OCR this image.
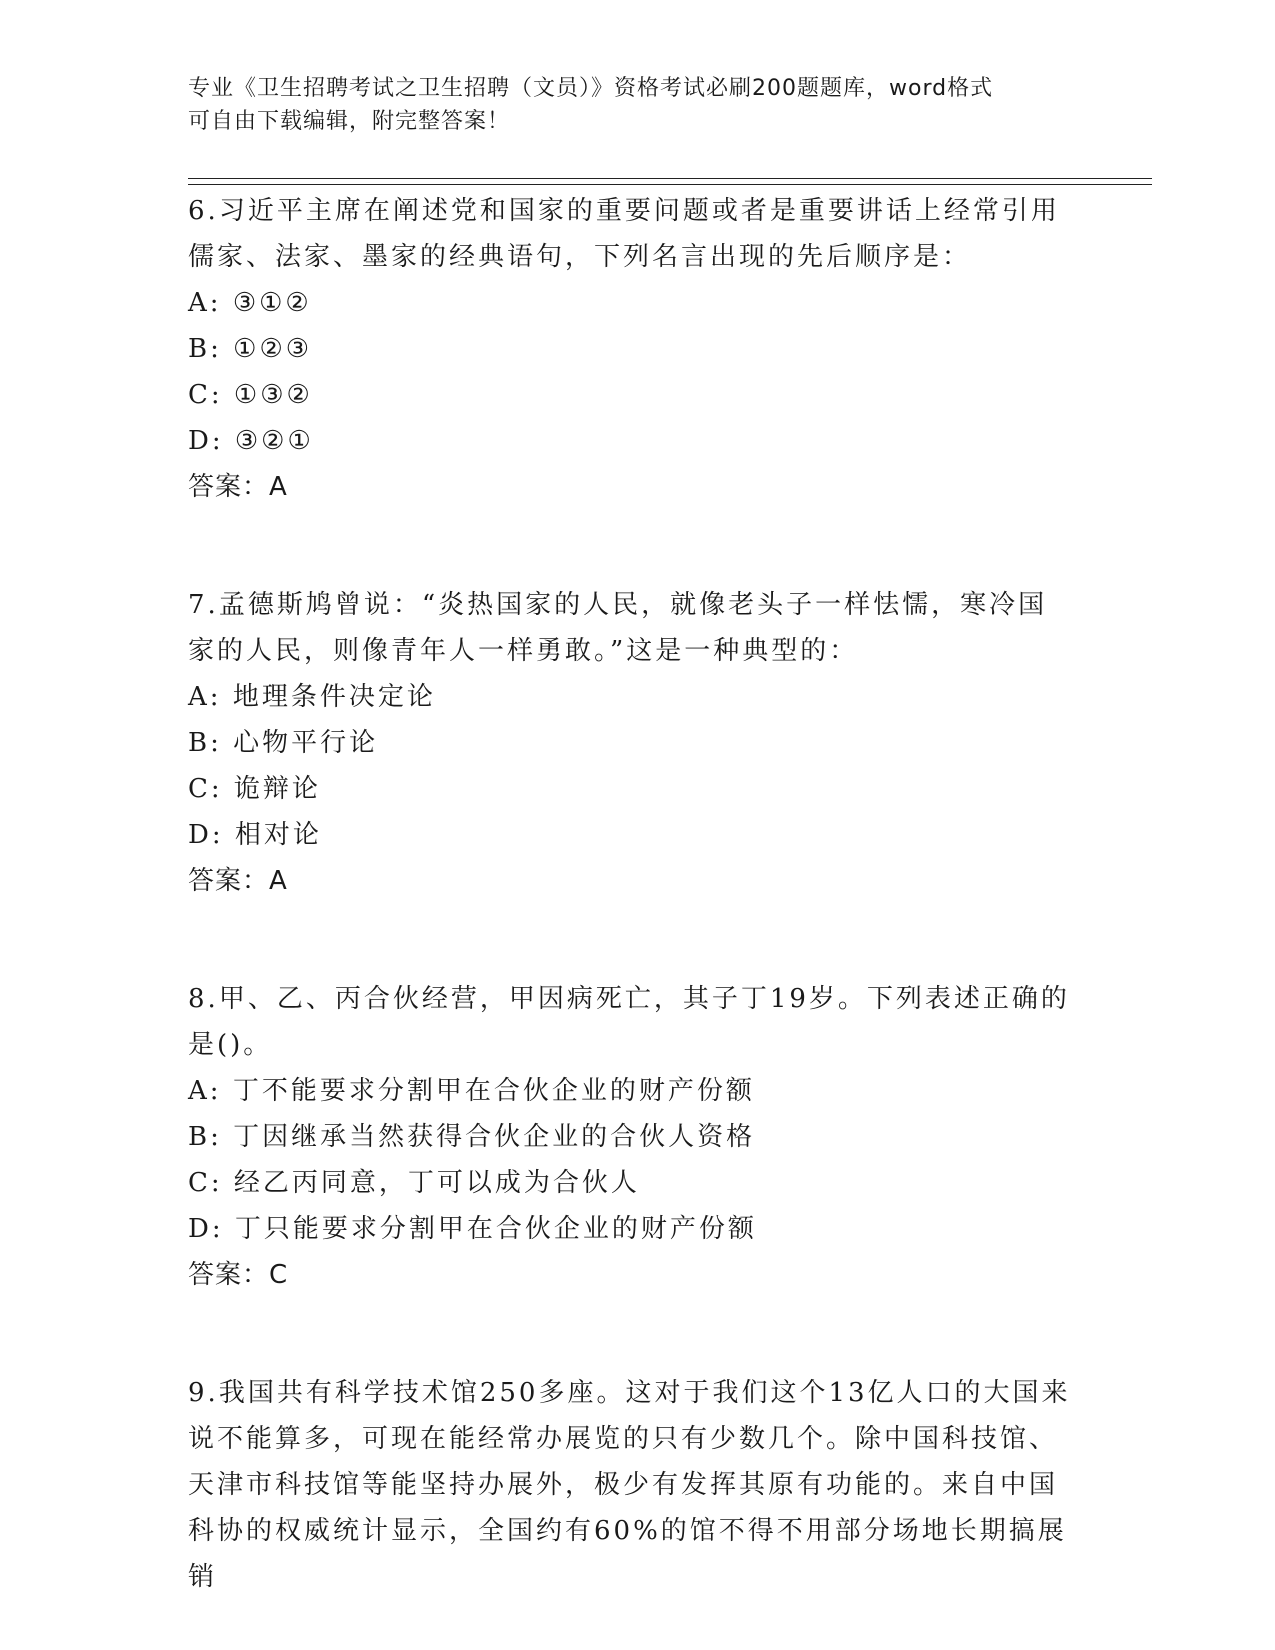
专业《卫生招聘考试之卫生招聘（文员）》资格考试必刷200题题库，word格式
可自由下载编辑，附完整答案！

6.习近平主席在阐述党和国家的重要问题或者是重要讲话上经常引用

儒家、法家、墨家的经典语句，下列名言出现的先后顺序是：

A: ③①②

B: ①②③

C: ①③②

D: ③②①

答案：A

7.孟德斯鸠曾说：“炎热国家的人民，就像老头子一样怯懦，寒冷国

家的人民，则像青年人一样勇敢。”这是一种典型的：

A: 地理条件决定论

B: 心物平行论

C: 诡辩论

D: 相对论

答案：A

8.甲、乙、丙合伙经营，甲因病死亡，其子丁19岁。下列表述正确的

是()。

A: 丁不能要求分割甲在合伙企业的财产份额

B: 丁因继承当然获得合伙企业的合伙人资格

C: 经乙丙同意，丁可以成为合伙人

D: 丁只能要求分割甲在合伙企业的财产份额

答案：C

9.我国共有科学技术馆250多座。这对于我们这个13亿人口的大国来

说不能算多，可现在能经常办展览的只有少数几个。除中国科技馆、

天津市科技馆等能坚持办展外，极少有发挥其原有功能的。来自中国

科协的权威统计显示，全国约有60%的馆不得不用部分场地长期搞展销
